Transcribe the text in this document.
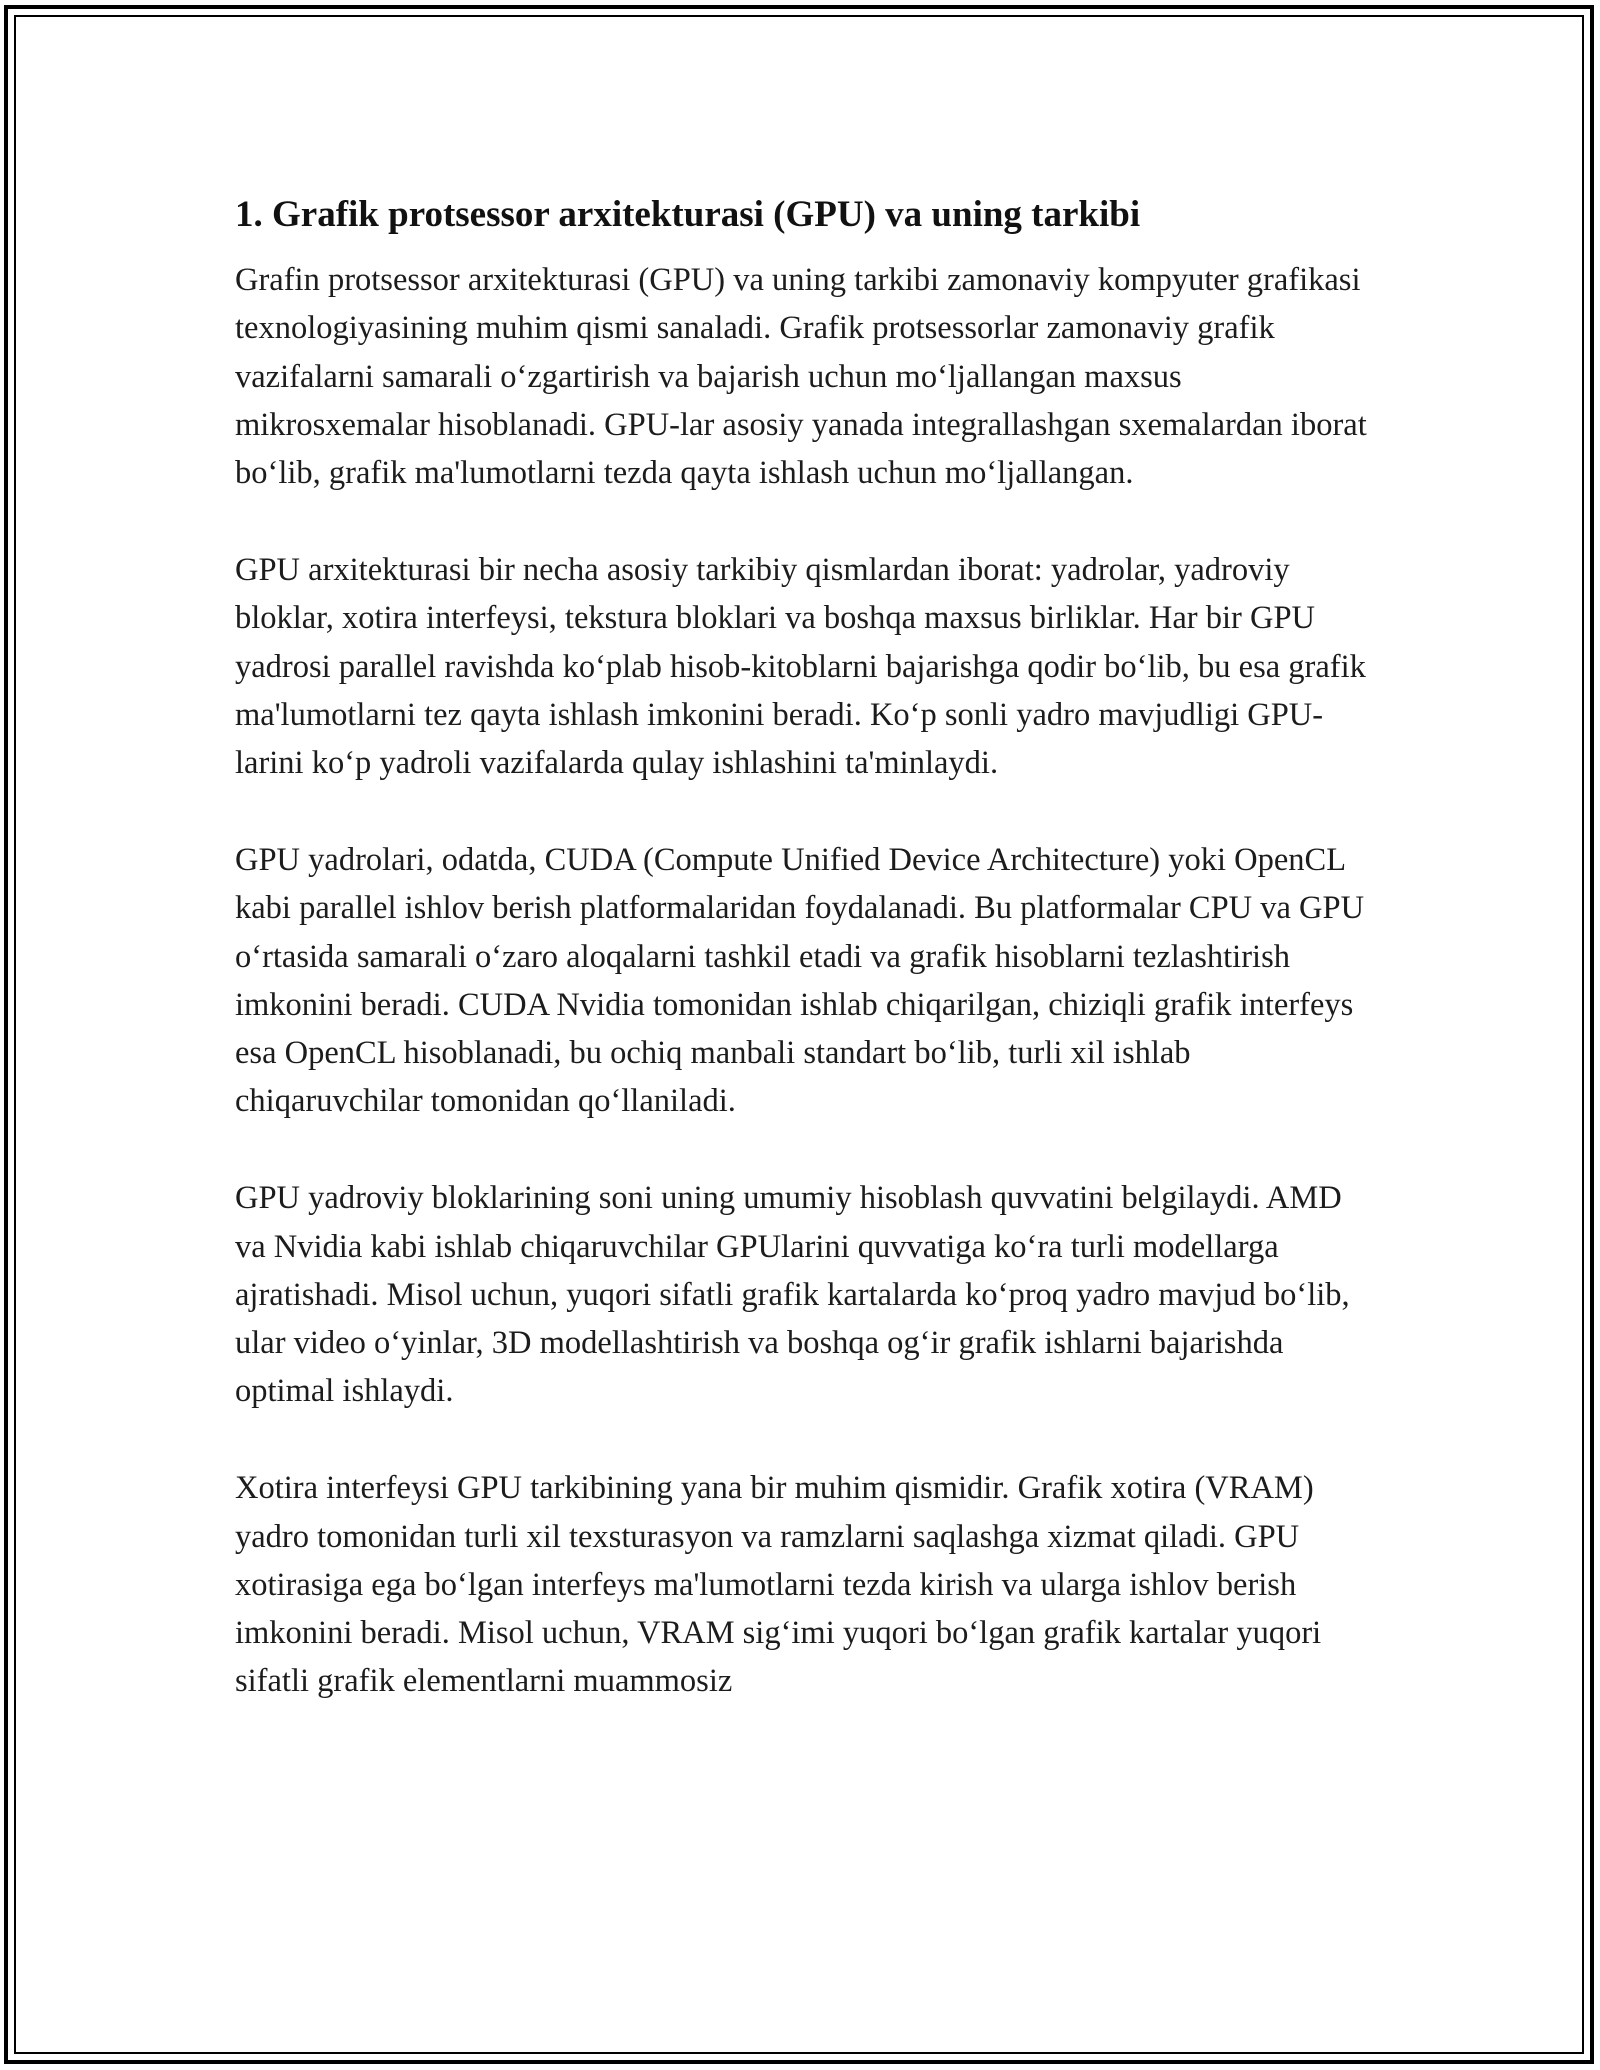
1. Grafik protsessor arxitekturasi (GPU) va uning tarkibi

Grafin protsessor arxitekturasi (GPU) va uning tarkibi zamonaviy kompyuter grafikasi texnologiyasining muhim qismi sanaladi. Grafik protsessorlar zamonaviy grafik vazifalarni samarali o‘zgartirish va bajarish uchun mo‘ljallangan maxsus mikrosxemalar hisoblanadi. GPU-lar asosiy yanada integrallashgan sxemalardan iborat bo‘lib, grafik ma'lumotlarni tezda qayta ishlash uchun mo‘ljallangan.

GPU arxitekturasi bir necha asosiy tarkibiy qismlardan iborat: yadrolar, yadroviy bloklar, xotira interfeysi, tekstura bloklari va boshqa maxsus birliklar. Har bir GPU yadrosi parallel ravishda ko‘plab hisob-kitoblarni bajarishga qodir bo‘lib, bu esa grafik ma'lumotlarni tez qayta ishlash imkonini beradi. Ko‘p sonli yadro mavjudligi GPU-larini ko‘p yadroli vazifalarda qulay ishlashini ta'minlaydi.

GPU yadrolari, odatda, CUDA (Compute Unified Device Architecture) yoki OpenCL kabi parallel ishlov berish platformalaridan foydalanadi. Bu platformalar CPU va GPU o‘rtasida samarali o‘zaro aloqalarni tashkil etadi va grafik hisoblarni tezlashtirish imkonini beradi. CUDA Nvidia tomonidan ishlab chiqarilgan, chiziqli grafik interfeys esa OpenCL hisoblanadi, bu ochiq manbali standart bo‘lib, turli xil ishlab chiqaruvchilar tomonidan qo‘llaniladi.

GPU yadroviy bloklarining soni uning umumiy hisoblash quvvatini belgilaydi. AMD va Nvidia kabi ishlab chiqaruvchilar GPUlarini quvvatiga ko‘ra turli modellarga ajratishadi. Misol uchun, yuqori sifatli grafik kartalarda ko‘proq yadro mavjud bo‘lib, ular video o‘yinlar, 3D modellashtirish va boshqa og‘ir grafik ishlarni bajarishda optimal ishlaydi.

Xotira interfeysi GPU tarkibining yana bir muhim qismidir. Grafik xotira (VRAM) yadro tomonidan turli xil texsturasyon va ramzlarni saqlashga xizmat qiladi. GPU xotirasiga ega bo‘lgan interfeys ma'lumotlarni tezda kirish va ularga ishlov berish imkonini beradi. Misol uchun, VRAM sig‘imi yuqori bo‘lgan grafik kartalar yuqori sifatli grafik elementlarni muammosiz
